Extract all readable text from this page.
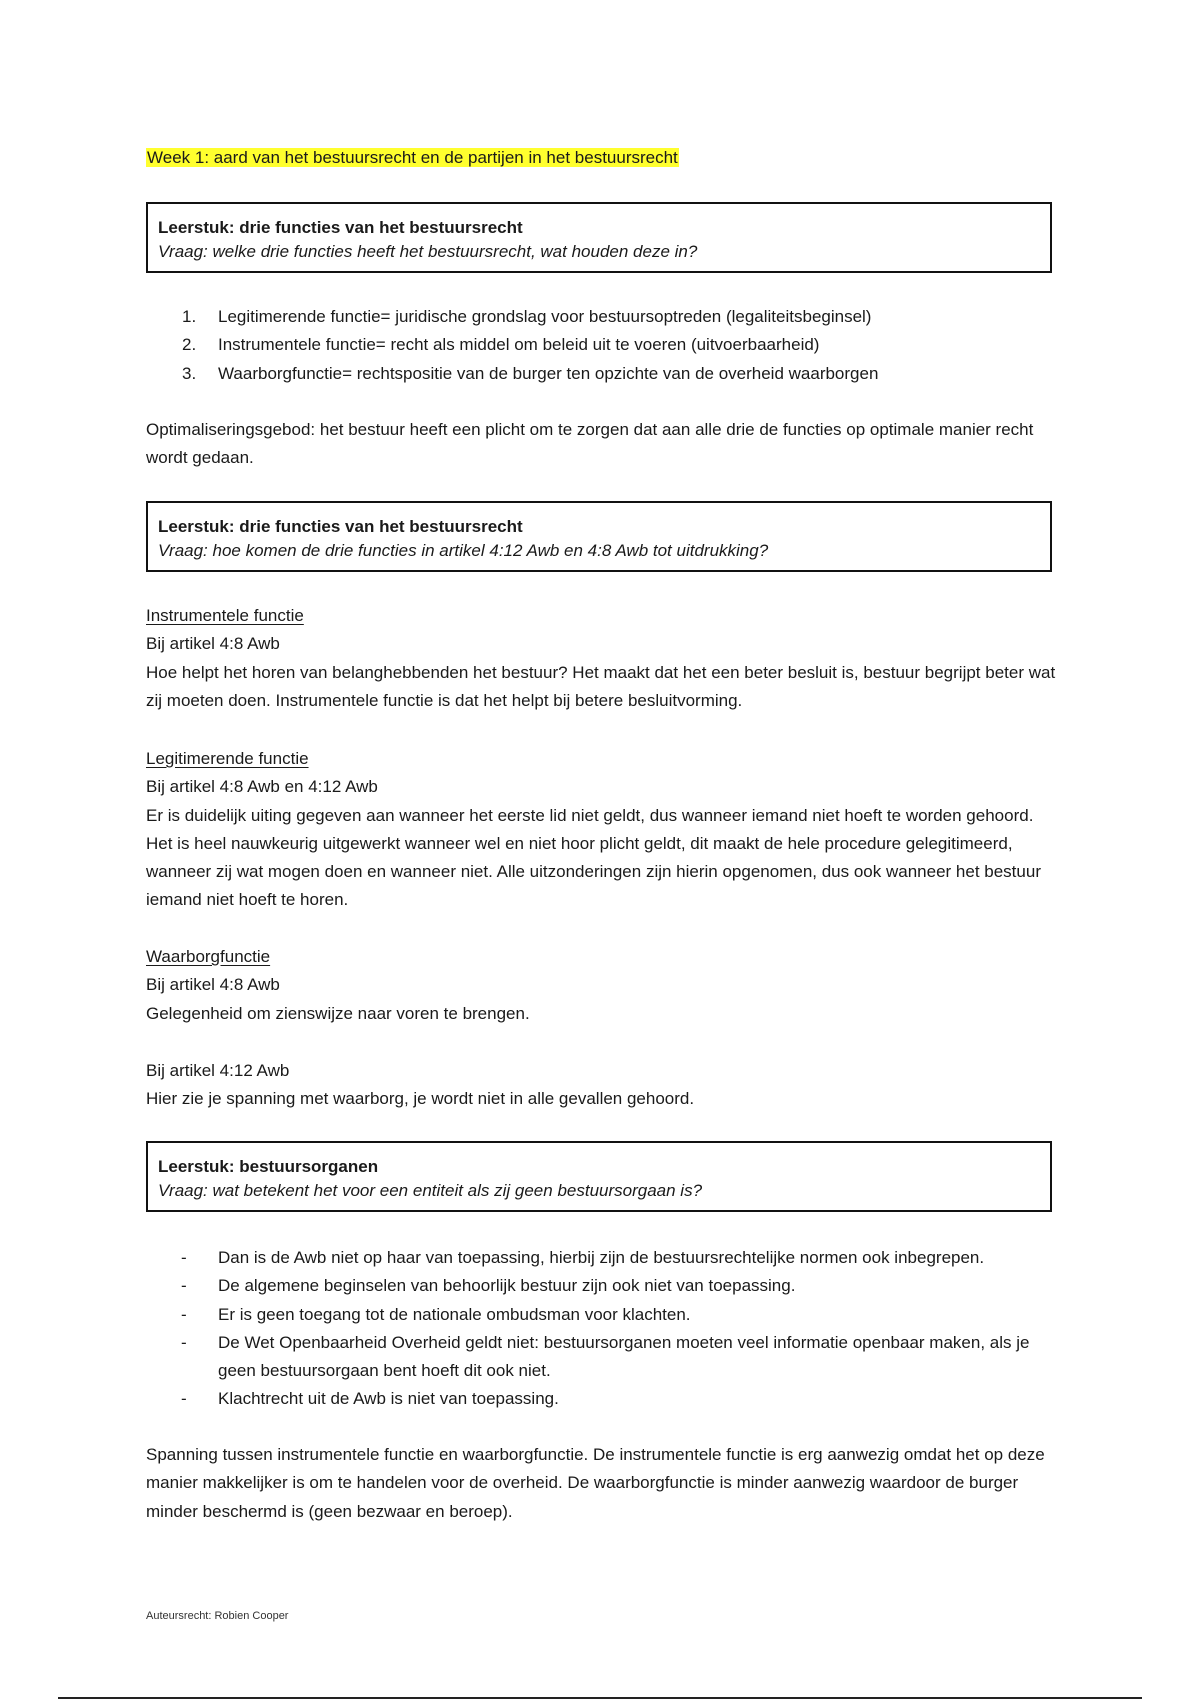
Week 1: aard van het bestuursrecht en de partijen in het bestuursrecht
Leerstuk: drie functies van het bestuursrecht
Vraag: welke drie functies heeft het bestuursrecht, wat houden deze in?
1. Legitimerende functie= juridische grondslag voor bestuursoptreden (legaliteitsbeginsel)
2. Instrumentele functie= recht als middel om beleid uit te voeren (uitvoerbaarheid)
3. Waarborgfunctie= rechtspositie van de burger ten opzichte van de overheid waarborgen
Optimaliseringsgebod: het bestuur heeft een plicht om te zorgen dat aan alle drie de functies op optimale manier recht wordt gedaan.
Leerstuk: drie functies van het bestuursrecht
Vraag: hoe komen de drie functies in artikel 4:12 Awb en 4:8 Awb tot uitdrukking?
Instrumentele functie
Bij artikel 4:8 Awb
Hoe helpt het horen van belanghebbenden het bestuur? Het maakt dat het een beter besluit is, bestuur begrijpt beter wat zij moeten doen. Instrumentele functie is dat het helpt bij betere besluitvorming.
Legitimerende functie
Bij artikel 4:8 Awb en 4:12 Awb
Er is duidelijk uiting gegeven aan wanneer het eerste lid niet geldt, dus wanneer iemand niet hoeft te worden gehoord. Het is heel nauwkeurig uitgewerkt wanneer wel en niet hoor plicht geldt, dit maakt de hele procedure gelegitimeerd, wanneer zij wat mogen doen en wanneer niet. Alle uitzonderingen zijn hierin opgenomen, dus ook wanneer het bestuur iemand niet hoeft te horen.
Waarborgfunctie
Bij artikel 4:8 Awb
Gelegenheid om zienswijze naar voren te brengen.
Bij artikel 4:12 Awb
Hier zie je spanning met waarborg, je wordt niet in alle gevallen gehoord.
Leerstuk: bestuursorganen
Vraag: wat betekent het voor een entiteit als zij geen bestuursorgaan is?
- Dan is de Awb niet op haar van toepassing, hierbij zijn de bestuursrechtelijke normen ook inbegrepen.
- De algemene beginselen van behoorlijk bestuur zijn ook niet van toepassing.
- Er is geen toegang tot de nationale ombudsman voor klachten.
- De Wet Openbaarheid Overheid geldt niet: bestuursorganen moeten veel informatie openbaar maken, als je geen bestuursorgaan bent hoeft dit ook niet.
- Klachtrecht uit de Awb is niet van toepassing.
Spanning tussen instrumentele functie en waarborgfunctie. De instrumentele functie is erg aanwezig omdat het op deze manier makkelijker is om te handelen voor de overheid. De waarborgfunctie is minder aanwezig waardoor de burger minder beschermd is (geen bezwaar en beroep).
Auteursrecht: Robien Cooper
